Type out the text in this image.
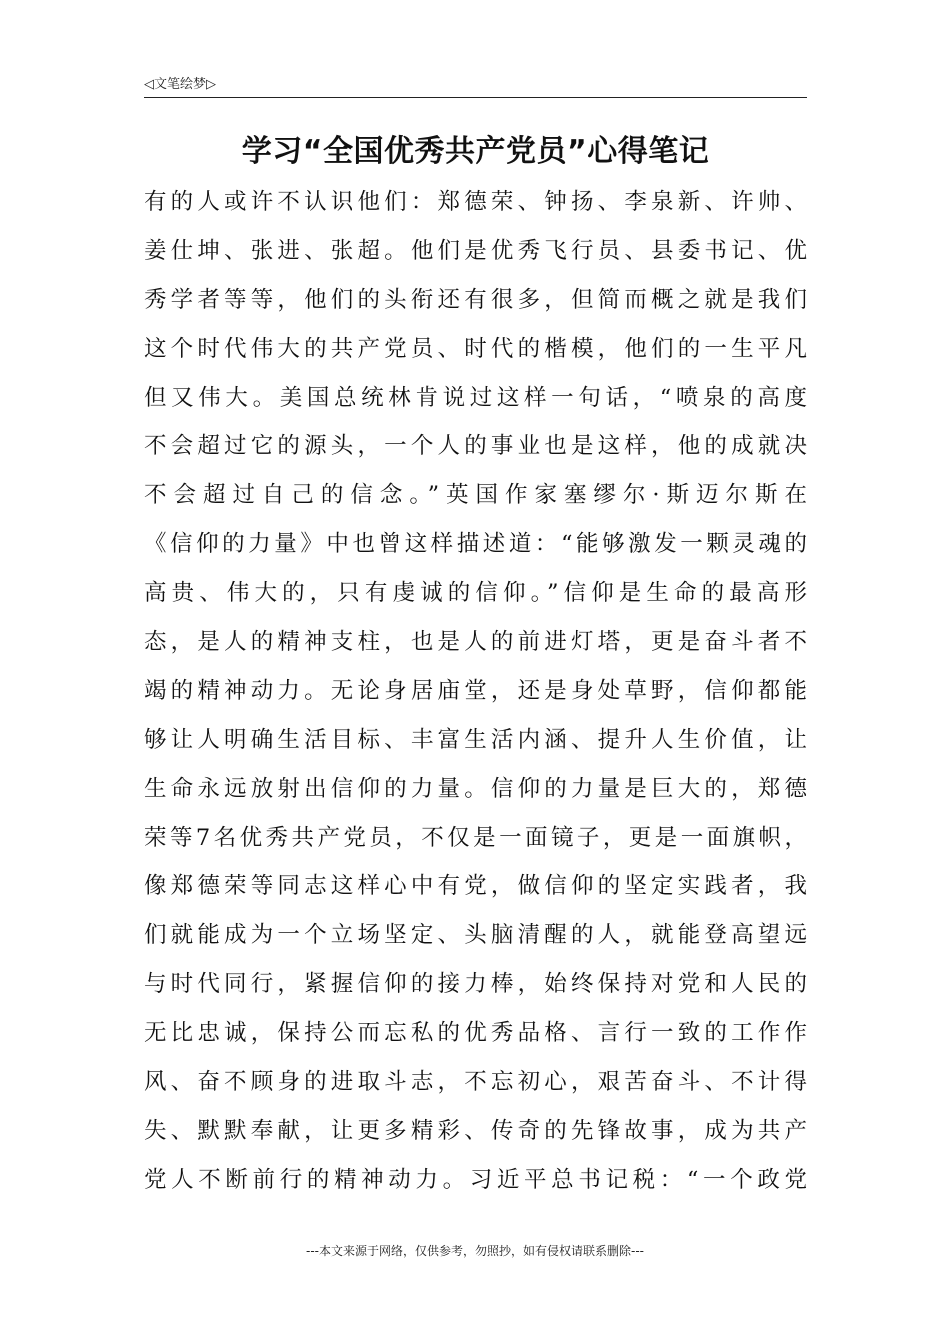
◁文笔绘梦▷
学习“全国优秀共产党员”心得笔记
有的人或许不认识他们：郑德荣、钟扬、李泉新、许帅、
姜仕坤、张进、张超。他们是优秀飞行员、县委书记、优
秀学者等等，他们的头衔还有很多，但简而概之就是我们
这个时代伟大的共产党员、时代的楷模，他们的一生平凡
但又伟大。美国总统林肯说过这样一句话，“喷泉的高度
不会超过它的源头，一个人的事业也是这样，他的成就决
不会超过自己的信念。”英国作家塞缪尔·斯迈尔斯在
《信仰的力量》中也曾这样描述道：“能够激发一颗灵魂的
高贵、伟大的，只有虔诚的信仰。”信仰是生命的最高形
态，是人的精神支柱，也是人的前进灯塔，更是奋斗者不
竭的精神动力。无论身居庙堂，还是身处草野，信仰都能
够让人明确生活目标、丰富生活内涵、提升人生价值，让
生命永远放射出信仰的力量。信仰的力量是巨大的，郑德
荣等7名优秀共产党员，不仅是一面镜子，更是一面旗帜，
像郑德荣等同志这样心中有党，做信仰的坚定实践者，我
们就能成为一个立场坚定、头脑清醒的人，就能登高望远
与时代同行，紧握信仰的接力棒，始终保持对党和人民的
无比忠诚，保持公而忘私的优秀品格、言行一致的工作作
风、奋不顾身的进取斗志，不忘初心，艰苦奋斗、不计得
失、默默奉献，让更多精彩、传奇的先锋故事，成为共产
党人不断前行的精神动力。习近平总书记税：“一个政党
---本文来源于网络，仅供参考，勿照抄，如有侵权请联系删除---
